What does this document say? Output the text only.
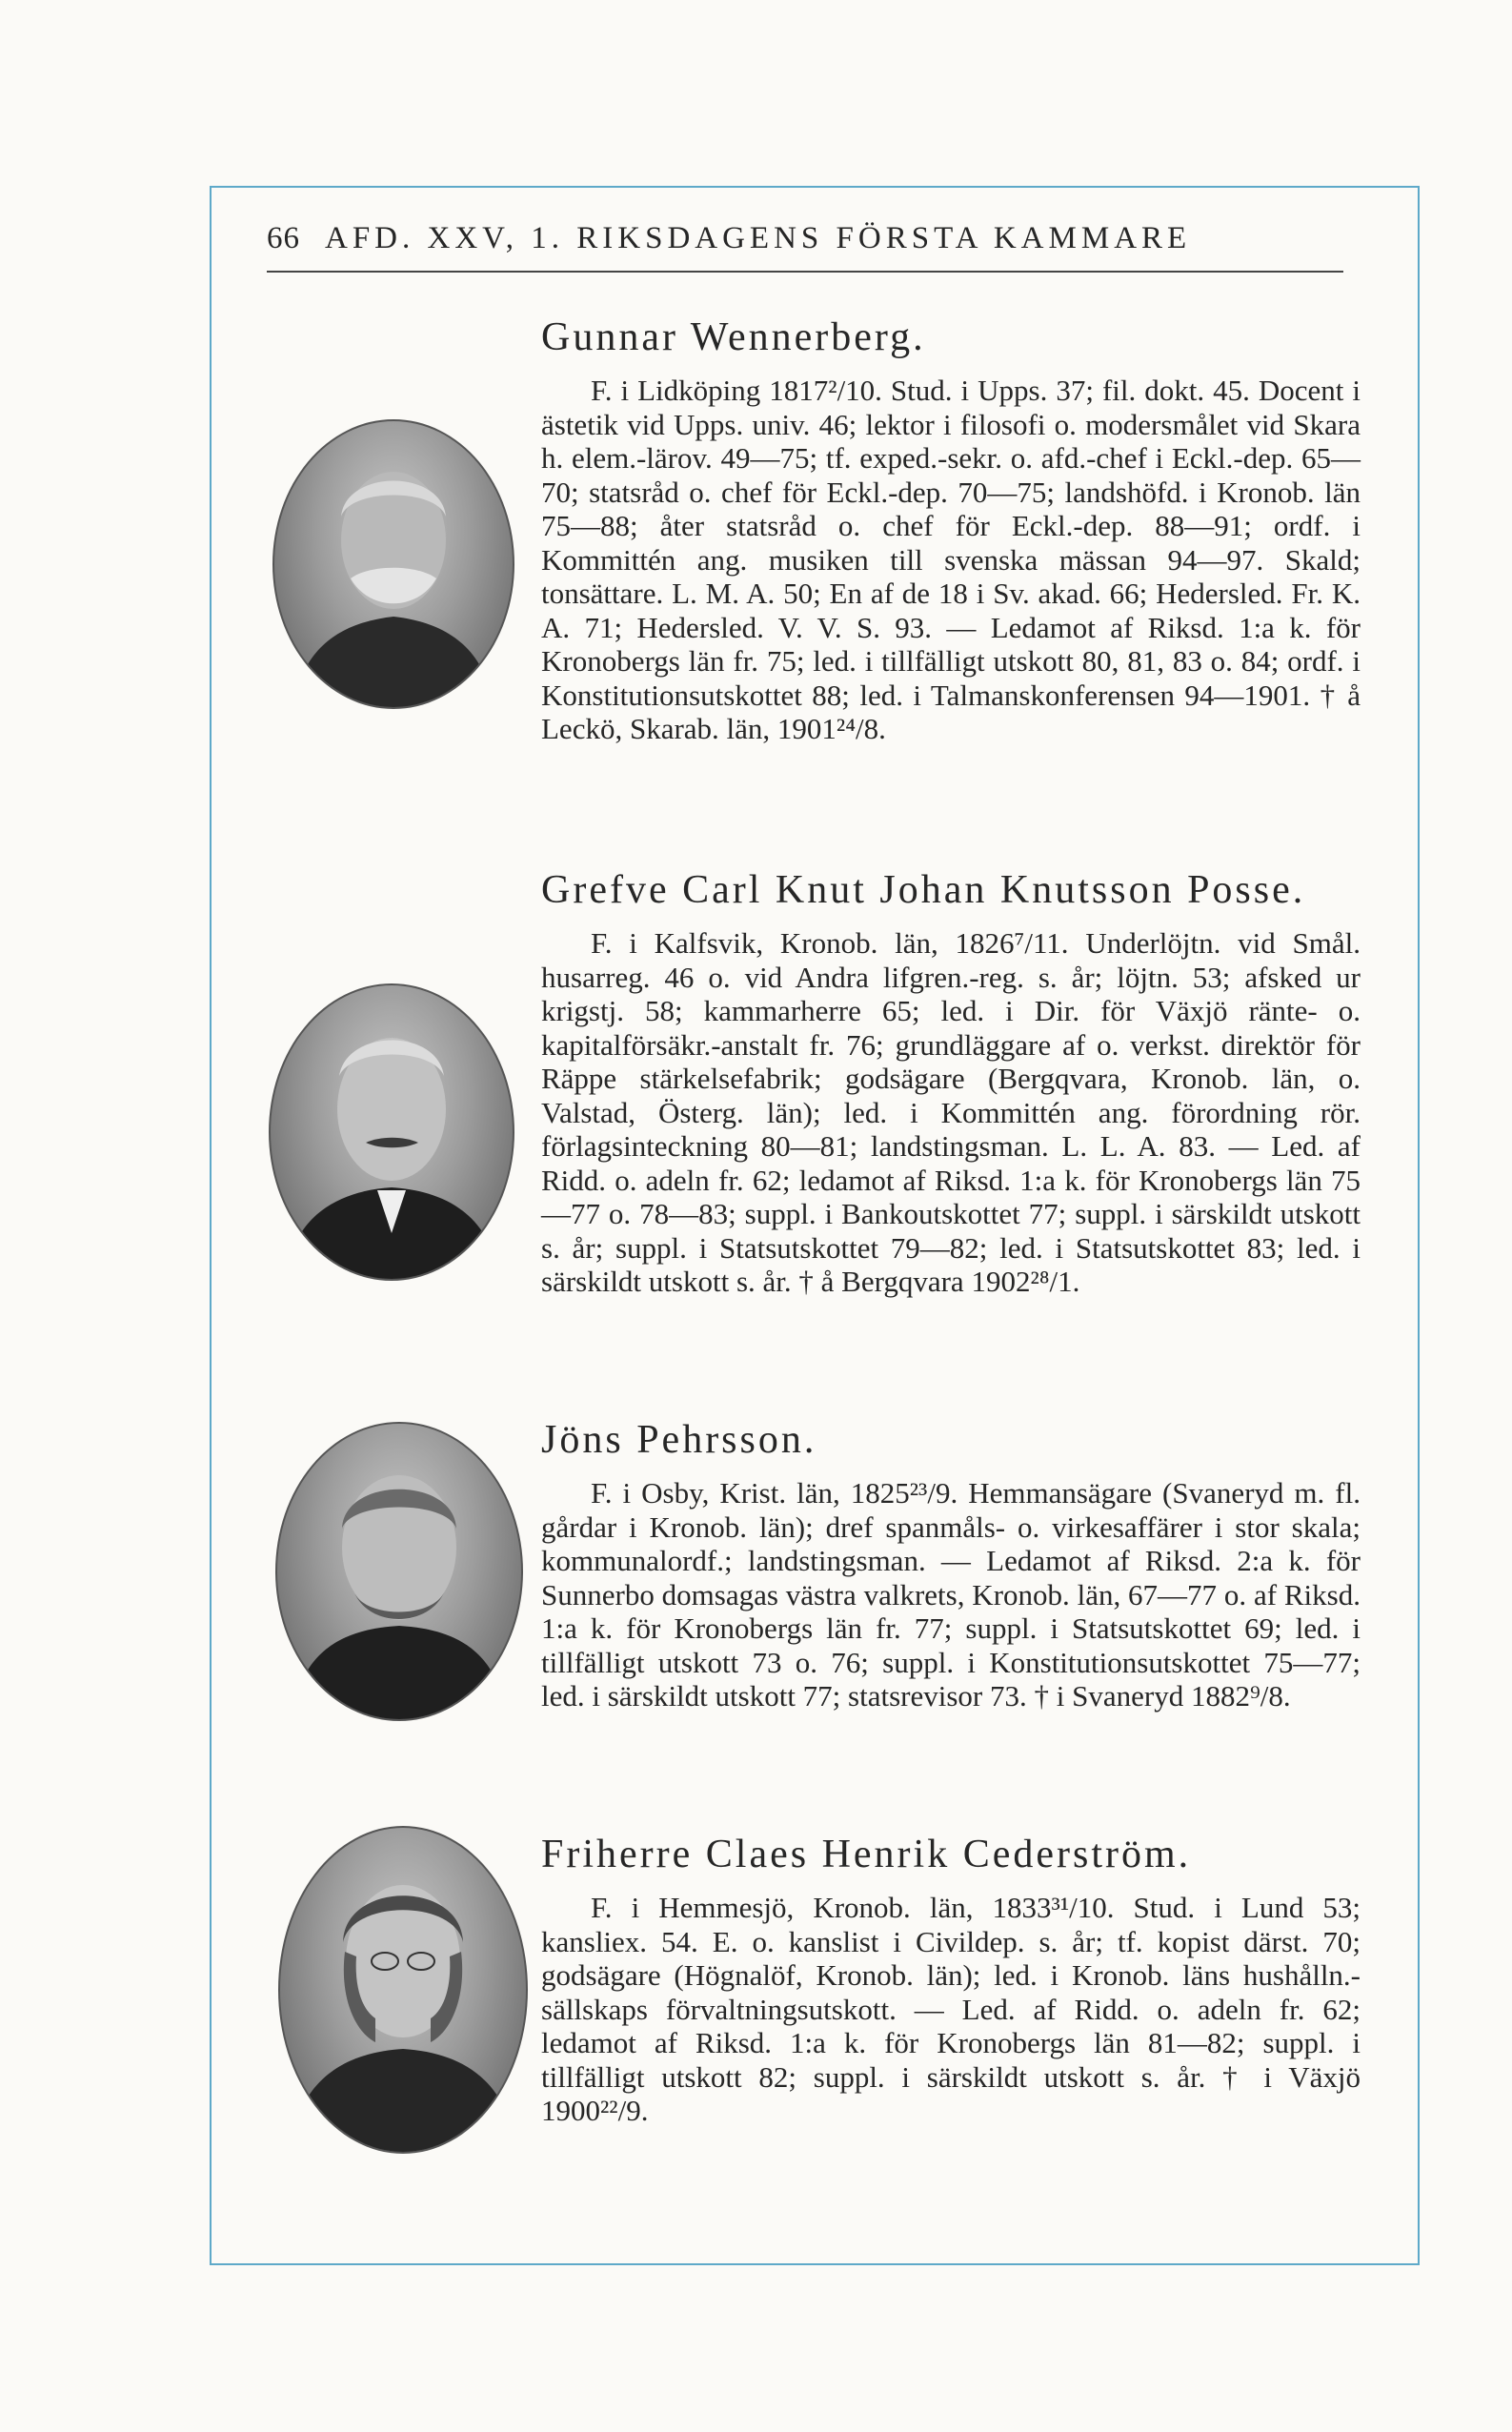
66 AFD. XXV, 1. RIKSDAGENS FÖRSTA KAMMARE
Gunnar Wennerberg.

F. i Lidköping 1817²/10. Stud. i Upps. 37; fil. dokt. 45. Docent i ästetik vid Upps. univ. 46; lektor i filosofi o. modersmålet vid Skara h. elem.-lärov. 49—75; tf. exped.-sekr. o. afd.-chef i Eckl.-dep. 65—70; statsråd o. chef för Eckl.-dep. 70—75; landshöfd. i Kronob. län 75—88; åter statsråd o. chef för Eckl.-dep. 88—91; ordf. i Kommittén ang. musiken till svenska mässan 94—97. Skald; tonsättare. L. M. A. 50; En af de 18 i Sv. akad. 66; Hedersled. Fr. K. A. 71; Hedersled. V. V. S. 93. — Ledamot af Riksd. 1:a k. för Kronobergs län fr. 75; led. i tillfälligt utskott 80, 81, 83 o. 84; ordf. i Konstitutionsutskottet 88; led. i Talmanskonferensen 94—1901. † å Leckö, Skarab. län, 1901²⁴/8.

Grefve Carl Knut Johan Knutsson Posse.

F. i Kalfsvik, Kronob. län, 1826⁷/11. Underlöjtn. vid Smål. husarreg. 46 o. vid Andra lifgren.-reg. s. år; löjtn. 53; afsked ur krigstj. 58; kammarherre 65; led. i Dir. för Växjö ränte- o. kapitalförsäkr.-anstalt fr. 76; grundläggare af o. verkst. direktör för Räppe stärkelsefabrik; godsägare (Bergqvara, Kronob. län, o. Valstad, Österg. län); led. i Kommittén ang. förordning rör. förlagsinteckning 80—81; landstingsman. L. L. A. 83. — Led. af Ridd. o. adeln fr. 62; ledamot af Riksd. 1:a k. för Kronobergs län 75—77 o. 78—83; suppl. i Bankoutskottet 77; suppl. i särskildt utskott s. år; suppl. i Statsutskottet 79—82; led. i Statsutskottet 83; led. i särskildt utskott s. år. † å Bergqvara 1902²⁸/1.

Jöns Pehrsson.

F. i Osby, Krist. län, 1825²³/9. Hemmansägare (Svaneryd m. fl. gårdar i Kronob. län); dref spanmåls- o. virkesaffärer i stor skala; kommunalordf.; landstingsman. — Ledamot af Riksd. 2:a k. för Sunnerbo domsagas västra valkrets, Kronob. län, 67—77 o. af Riksd. 1:a k. för Kronobergs län fr. 77; suppl. i Statsutskottet 69; led. i tillfälligt utskott 73 o. 76; suppl. i Konstitutionsutskottet 75—77; led. i särskildt utskott 77; statsrevisor 73. † i Svaneryd 1882⁹/8.

Friherre Claes Henrik Cederström.

F. i Hemmesjö, Kronob. län, 1833³¹/10. Stud. i Lund 53; kansliex. 54. E. o. kanslist i Civildep. s. år; tf. kopist därst. 70; godsägare (Högnalöf, Kronob. län); led. i Kronob. läns hushålln.-sällskaps förvaltningsutskott. — Led. af Ridd. o. adeln fr. 62; ledamot af Riksd. 1:a k. för Kronobergs län 81—82; suppl. i tillfälligt utskott 82; suppl. i särskildt utskott s. år. † i Växjö 1900²²/9.
